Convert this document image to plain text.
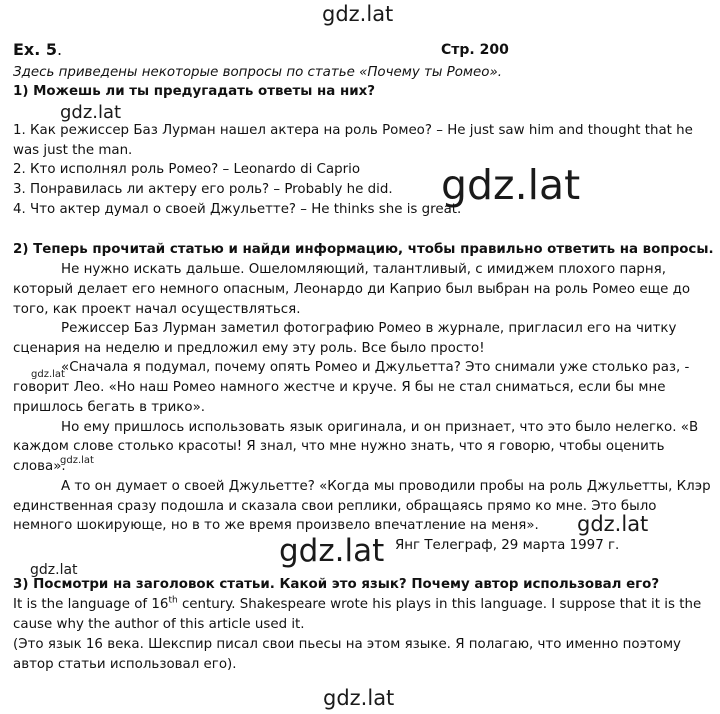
gdz.lat
gdz.lat
gdz.lat
gdz.lat
gdz.lat
gdz.lat
gdz.lat
gdz.lat
gdz.lat
Ex. 5.	Стр. 200
Здесь приведены некоторые вопросы по статье «Почему ты Ромео».
1) Можешь ли ты предугадать ответы на них?
1. Как режиссер Баз Лурман нашел актера на роль Ромео? – He just saw him and thought that he
was just the man.
2. Кто исполнял роль Ромео? – Leonardo di Caprio
3. Понравилась ли актеру его роль? – Probably he did.
4. Что актер думал о своей Джульетте? – He thinks she is great.
2) Теперь прочитай статью и найди информацию, чтобы правильно ответить на вопросы.
Не нужно искать дальше. Ошеломляющий, талантливый, с имиджем плохого парня,
который делает его немного опасным, Леонардо ди Каприо был выбран на роль Ромео еще до
того, как проект начал осуществляться.
Режиссер Баз Лурман заметил фотографию Ромео в журнале, пригласил его на читку
сценария на неделю и предложил ему эту роль. Все было просто!
«Сначала я подумал, почему опять Ромео и Джульетта? Это снимали уже столько раз, -
говорит Лео. «Но наш Ромео намного жестче и круче. Я бы не стал сниматься, если бы мне
пришлось бегать в трико».
Но ему пришлось использовать язык оригинала, и он признает, что это было нелегко. «В
каждом слове столько красоты! Я знал, что мне нужно знать, что я говорю, чтобы оценить
слова».
А то он думает о своей Джульетте? «Когда мы проводили пробы на роль Джульетты, Клэр
единственная сразу подошла и сказала свои реплики, обращаясь прямо ко мне. Это было
немного шокирующе, но в то же время произвело впечатление на меня».
Янг Телеграф, 29 марта 1997 г.
3) Посмотри на заголовок статьи. Какой это язык? Почему автор использовал его?
It is the language of 16th century. Shakespeare wrote his plays in this language. I suppose that it is the
cause why the author of this article used it.
(Это язык 16 века. Шекспир писал свои пьесы на этом языке. Я полагаю, что именно поэтому
автор статьи использовал его).
